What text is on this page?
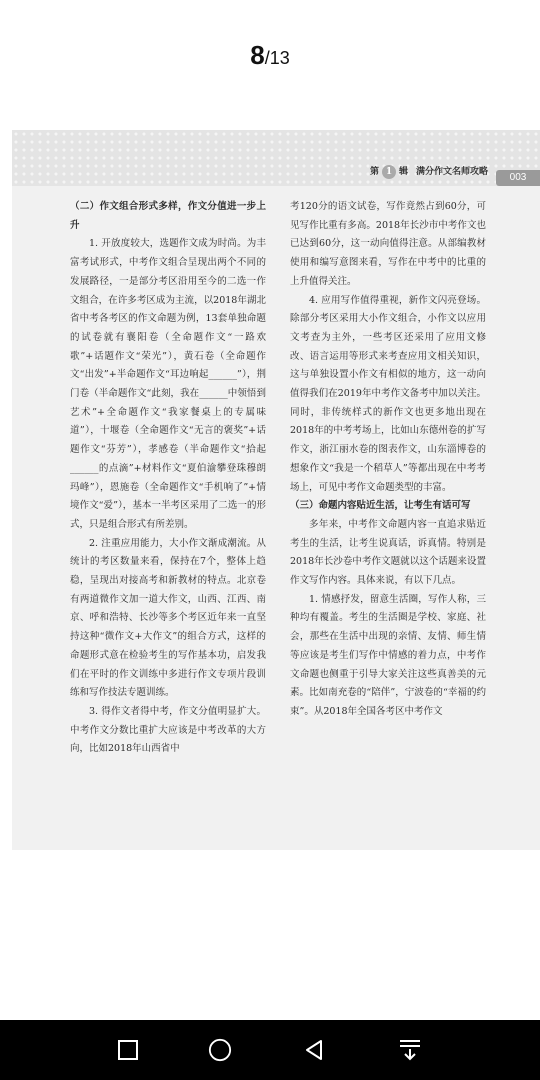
8/13
第 1 辑 满分作文名师攻略	003

（二）作文组合形式多样，作文分值进一步上升

1. 开放度较大，选题作文成为时尚。为丰富考试形式，中考作文组合呈现出两个不同的发展路径，一是部分考区沿用至今的二选一作文组合，在许多考区成为主流，以2018年湖北省中考各考区的作文命题为例，13套单独命题的试卷就有襄阳卷（全命题作文“一路欢歌”+话题作文“荣光”），黄石卷（全命题作文“出发”+半命题作文“耳边响起______”），荆门卷（半命题作文“此刻，我在______中领悟到艺术”+全命题作文“我家餐桌上的专属味道”），十堰卷（全命题作文“无言的褒奖”+话题作文“芬芳”），孝感卷（半命题作文“拾起______的点滴”+材料作文“夏伯渝攀登珠穆朗玛峰”），恩施卷（全命题作文“手机响了”+情境作文“爱”），基本一半考区采用了二选一的形式，只是组合形式有所差别。

2. 注重应用能力，大小作文渐成潮流。从统计的考区数量来看，保持在7个，整体上趋稳，呈现出对接高考和新教材的特点。北京卷有两道微作文加一道大作文，山西、江西、南京、呼和浩特、长沙等多个考区近年来一直坚持这种“微作文+大作文”的组合方式，这样的命题形式意在检验考生的写作基本功，启发我们在平时的作文训练中多进行作文专项片段训练和写作技法专题训练。

3. 得作文者得中考，作文分值明显扩大。中考作文分数比重扩大应该是中考改革的大方向，比如2018年山西省中

考120分的语文试卷，写作竟然占到60分，可见写作比重有多高。2018年长沙市中考作文也已达到60分，这一动向值得注意。从部编教材使用和编写意图来看，写作在中考中的比重的上升值得关注。

4. 应用写作值得重视，新作文闪亮登场。除部分考区采用大小作文组合，小作文以应用文考查为主外，一些考区还采用了应用文修改、语言运用等形式来考查应用文相关知识，这与单独设置小作文有相似的地方，这一动向值得我们在2019年中考作文备考中加以关注。同时，非传统样式的新作文也更多地出现在2018年的中考考场上，比如山东德州卷的扩写作文，浙江丽水卷的图表作文，山东淄博卷的想象作文“我是一个稻草人”等都出现在中考考场上，可见中考作文命题类型的丰富。

（三）命题内容贴近生活，让考生有话可写

多年来，中考作文命题内容一直追求贴近考生的生活，让考生说真话，诉真情。特别是2018年长沙卷中考作文题就以这个话题来设置作文写作内容。具体来说，有以下几点。

1. 情感抒发，留意生活圈，写作人称，三种均有覆盖。考生的生活圈是学校、家庭、社会，那些在生活中出现的亲情、友情、师生情等应该是考生们写作中情感的着力点，中考作文命题也侧重于引导大家关注这些真善美的元素。比如南充卷的“陪伴”，宁波卷的“幸福的约束”。从2018年全国各考区中考作文
